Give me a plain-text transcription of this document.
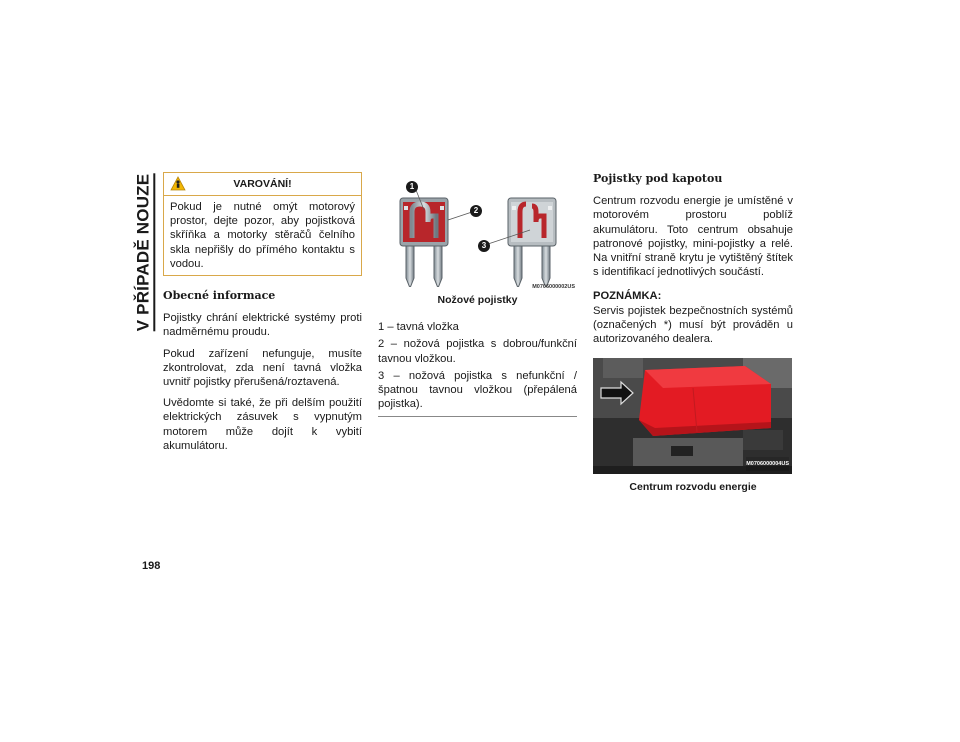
V PŘÍPADĚ NOUZE
198
VAROVÁNÍ!

Pokud je nutné omýt motorový prostor, dejte pozor, aby pojistková skříňka a motorky stěračů čelního skla nepřišly do přímého kontaktu s vodou.

Obecné informace

Pojistky chrání elektrické systémy proti nadměrnému proudu.

Pokud zařízení nefunguje, musíte zkontrolovat, zda není tavná vložka uvnitř pojistky přerušená/roztavená.

Uvědomte si také, že při delším použití elektrických zásuvek s vypnutým motorem může dojít k vybití akumulátoru.

1
2
3
M0706000002US
Nožové pojistky

1 – tavná vložka

2 – nožová pojistka s dobrou/funkční tavnou vložkou.

3 – nožová pojistka s nefunkční / špatnou tavnou vložkou (přepálená pojistka).

Pojistky pod kapotou

Centrum rozvodu energie je umístěné v motorovém prostoru poblíž akumulátoru. Toto centrum obsahuje patronové pojistky, mini-pojistky a relé. Na vnitřní straně krytu je vytištěný štítek s identifikací jednotlivých součástí.

POZNÁMKA:

Servis pojistek bezpečnostních systémů (označených *) musí být prováděn u autorizovaného dealera.

M0706000004US
Centrum rozvodu energie
